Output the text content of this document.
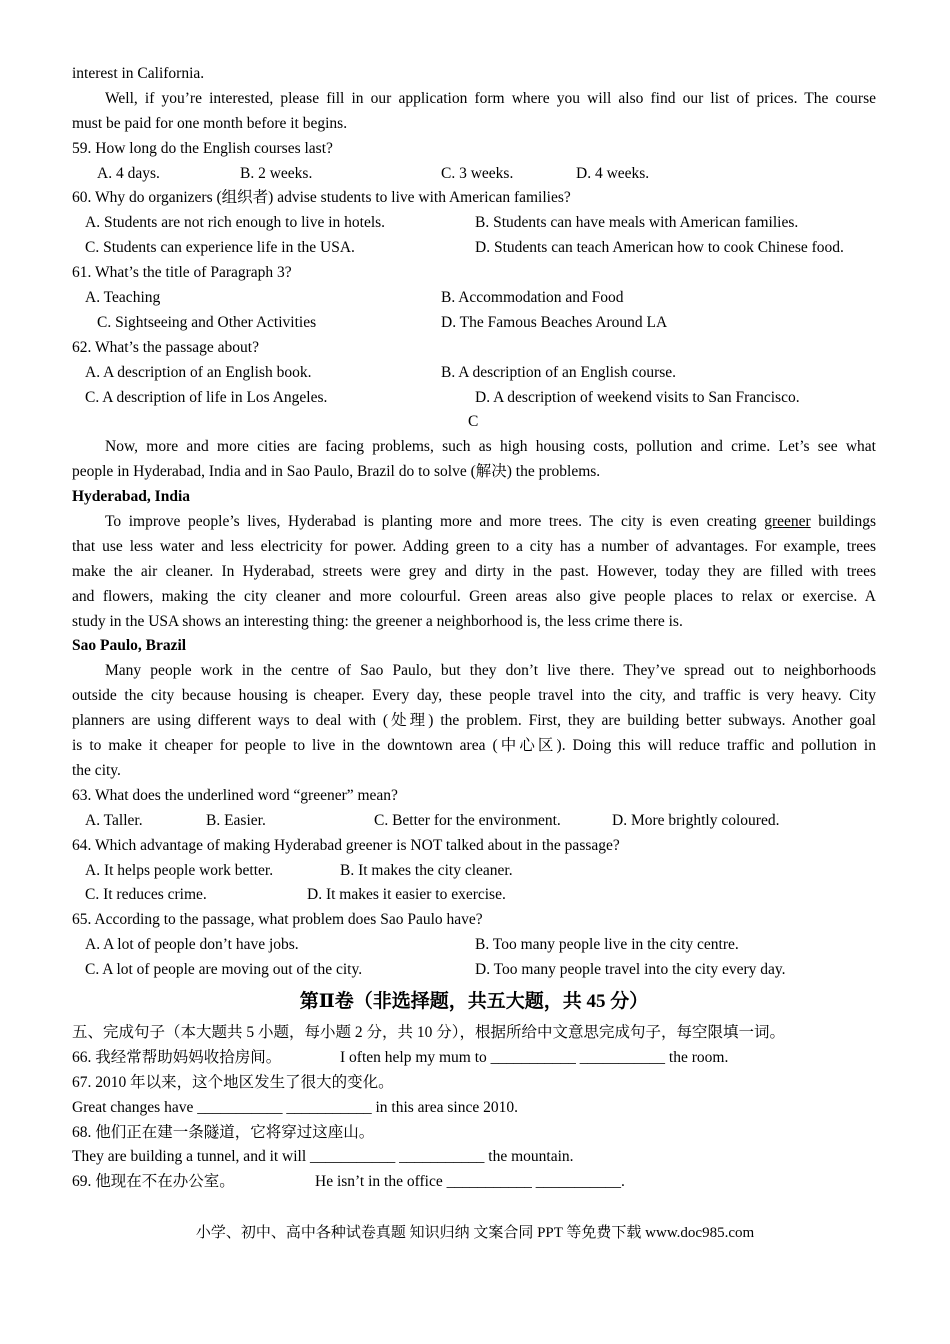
interest in California.
Well, if you’re interested, please fill in our application form where you will also find our list of prices. The course
must be paid for one month before it begins.
59. How long do the English courses last?
A. 4 days.	B. 2 weeks.	C. 3 weeks.	D. 4 weeks.
60. Why do organizers (组织者) advise students to live with American families?
A. Students are not rich enough to live in hotels.	B. Students can have meals with American families.
C. Students can experience life in the USA.	D. Students can teach American how to cook Chinese food.
61. What’s the title of Paragraph 3?
A. Teaching	B. Accommodation and Food
C. Sightseeing and Other Activities	D. The Famous Beaches Around LA
62. What’s the passage about?
A. A description of an English book.	B. A description of an English course.
C. A description of life in Los Angeles.	D. A description of weekend visits to San Francisco.
C
Now, more and more cities are facing problems, such as high housing costs, pollution and crime. Let’s see what
people in Hyderabad, India and in Sao Paulo, Brazil do to solve (解决) the problems.
Hyderabad, India
To improve people’s lives, Hyderabad is planting more and more trees. The city is even creating greener buildings
that use less water and less electricity for power. Adding green to a city has a number of advantages. For example, trees
make the air cleaner. In Hyderabad, streets were grey and dirty in the past. However, today they are filled with trees
and flowers, making the city cleaner and more colourful. Green areas also give people places to relax or exercise. A
study in the USA shows an interesting thing: the greener a neighborhood is, the less crime there is.
Sao Paulo, Brazil
Many people work in the centre of Sao Paulo, but they don’t live there. They’ve spread out to neighborhoods
outside the city because housing is cheaper. Every day, these people travel into the city, and traffic is very heavy. City
planners are using different ways to deal with (处理) the problem. First, they are building better subways. Another goal
is to make it cheaper for people to live in the downtown area (中心区). Doing this will reduce traffic and pollution in
the city.
63. What does the underlined word “greener” mean?
A. Taller.	B. Easier.	C. Better for the environment.	D. More brightly coloured.
64. Which advantage of making Hyderabad greener is NOT talked about in the passage?
A. It helps people work better.	B. It makes the city cleaner.
C. It reduces crime.	D. It makes it easier to exercise.
65. According to the passage, what problem does Sao Paulo have?
A. A lot of people don’t have jobs.	B. Too many people live in the city centre.
C. A lot of people are moving out of the city.	D. Too many people travel into the city every day.
第Ⅱ卷（非选择题，共五大题，共 45 分）
五、完成句子（本大题共 5 小题，每小题 2 分，共 10 分），根据所给中文意思完成句子，每空限填一词。
66. 我经常帮助妈妈收拾房间。	I often help my mum to ___________ ___________ the room.
67. 2010 年以来，这个地区发生了很大的变化。
Great changes have ___________ ___________ in this area since 2010.
68. 他们正在建一条隧道，它将穿过这座山。
They are building a tunnel, and it will ___________ ___________ the mountain.
69. 他现在不在办公室。	He isn’t in the office ___________ ___________.
小学、初中、高中各种试卷真题 知识归纳 文案合同 PPT 等免费下载 www.doc985.com
